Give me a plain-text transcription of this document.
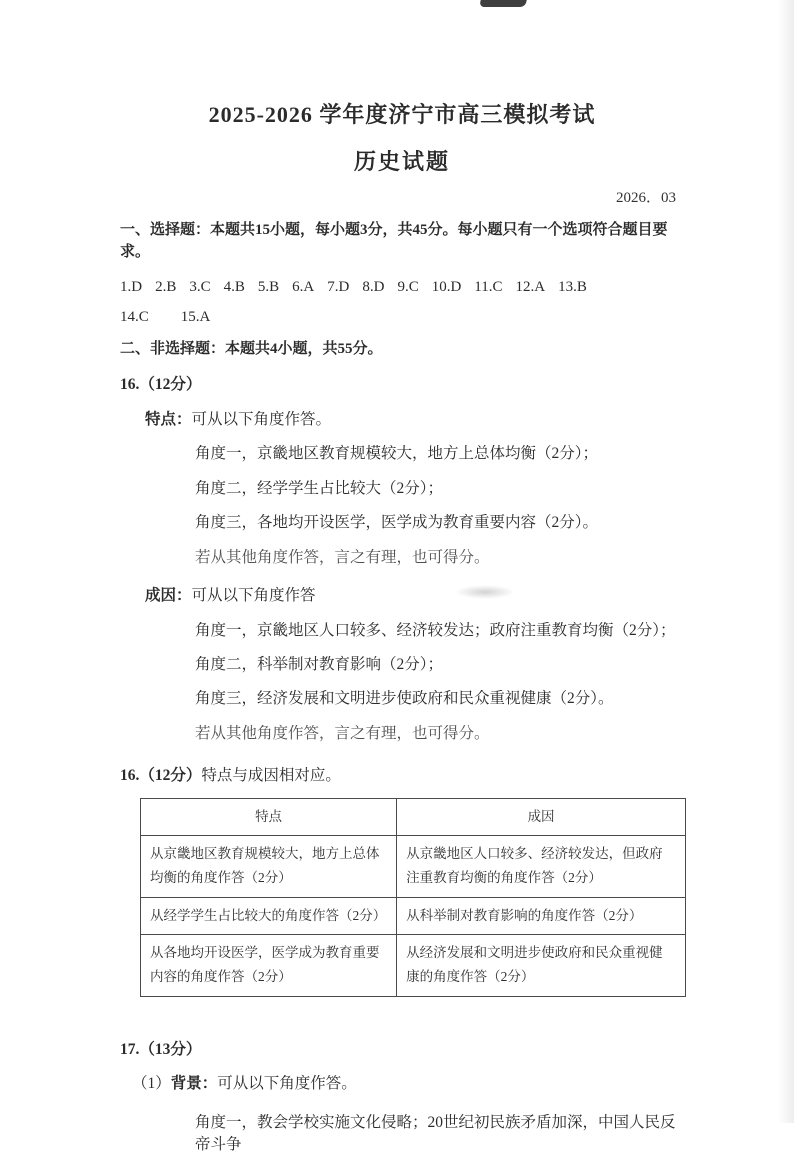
2025-2026 学年度济宁市高三模拟考试
历史试题
2026．03

一、选择题：本题共15小题，每小题3分，共45分。每小题只有一个选项符合题目要求。

1.D 2.B 3.C 4.B 5.B 6.A 7.D 8.D 9.C 10.D 11.C 12.A 13.B
14.C 15.A

二、非选择题：本题共4小题，共55分。

16.（12分）

特点：可从以下角度作答。

角度一，京畿地区教育规模较大，地方上总体均衡（2分）；

角度二，经学学生占比较大（2分）；

角度三，各地均开设医学，医学成为教育重要内容（2分）。

若从其他角度作答，言之有理，也可得分。

成因：可从以下角度作答

角度一，京畿地区人口较多、经济较发达；政府注重教育均衡（2分）；

角度二，科举制对教育影响（2分）；

角度三，经济发展和文明进步使政府和民众重视健康（2分）。

若从其他角度作答，言之有理，也可得分。

16.（12分）特点与成因相对应。

特点	成因
从京畿地区教育规模较大，地方上总体均衡的角度作答（2分）	从京畿地区人口较多、经济较发达，但政府注重教育均衡的角度作答（2分）
从经学学生占比较大的角度作答（2分）	从科举制对教育影响的角度作答（2分）
从各地均开设医学，医学成为教育重要内容的角度作答（2分）	从经济发展和文明进步使政府和民众重视健康的角度作答（2分）

17.（13分）

（1）背景：可从以下角度作答。

角度一，教会学校实施文化侵略；20世纪初民族矛盾加深，中国人民反帝斗争
